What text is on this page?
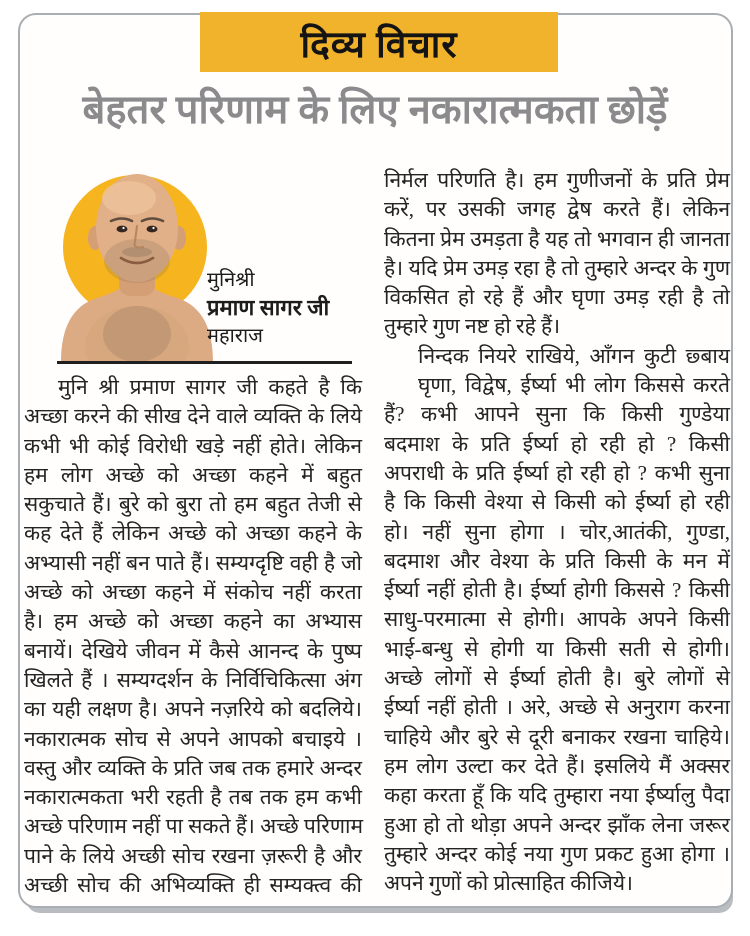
दिव्य विचार
बेहतर परिणाम के लिए नकारात्मकता छोड़ें
मुनिश्री
प्रमाण सागर जी
महाराज
मुनि श्री प्रमाण सागर जी कहते है कि
अच्छा करने की सीख देने वाले व्यक्ति के लिये
कभी भी कोई विरोधी खड़े नहीं होते। लेकिन
हम लोग अच्छे को अच्छा कहने में बहुत
सकुचाते हैं। बुरे को बुरा तो हम बहुत तेजी से
कह देते हैं लेकिन अच्छे को अच्छा कहने के
अभ्यासी नहीं बन पाते हैं। सम्यग्दृष्टि वही है जो
अच्छे को अच्छा कहने में संकोच नहीं करता
है। हम अच्छे को अच्छा कहने का अभ्यास
बनायें। देखिये जीवन में कैसे आनन्द के पुष्प
खिलते हैं । सम्यग्दर्शन के निर्विचिकित्सा अंग
का यही लक्षण है। अपने नज़रिये को बदलिये।
नकारात्मक सोच से अपने आपको बचाइये ।
वस्तु और व्यक्ति के प्रति जब तक हमारे अन्दर
नकारात्मकता भरी रहती है तब तक हम कभी
अच्छे परिणाम नहीं पा सकते हैं। अच्छे परिणाम
पाने के लिये अच्छी सोच रखना ज़रूरी है और
अच्छी सोच की अभिव्यक्ति ही सम्यक्त्व की
निर्मल परिणति है। हम गुणीजनों के प्रति प्रेम
करें, पर उसकी जगह द्वेष करते हैं। लेकिन
कितना प्रेम उमड़ता है यह तो भगवान ही जानता
है। यदि प्रेम उमड़ रहा है तो तुम्हारे अन्दर के गुण
विकसित हो रहे हैं और घृणा उमड़ रही है तो
तुम्हारे गुण नष्ट हो रहे हैं।
निन्दक नियरे राखिये, आँगन कुटी छ्बाय
घृणा, विद्वेष, ईर्ष्या भी लोग किससे करते
हैं? कभी आपने सुना कि किसी गुण्डेया
बदमाश के प्रति ईर्ष्या हो रही हो ? किसी
अपराधी के प्रति ईर्ष्या हो रही हो ? कभी सुना
है कि किसी वेश्या से किसी को ईर्ष्या हो रही
हो। नहीं सुना होगा । चोर,आतंकी, गुण्डा,
बदमाश और वेश्या के प्रति किसी के मन में
ईर्ष्या नहीं होती है। ईर्ष्या होगी किससे ? किसी
साधु-परमात्मा से होगी। आपके अपने किसी
भाई-बन्धु से होगी या किसी सती से होगी।
अच्छे लोगों से ईर्ष्या होती है। बुरे लोगों से
ईर्ष्या नहीं होती । अरे, अच्छे से अनुराग करना
चाहिये और बुरे से दूरी बनाकर रखना चाहिये।
हम लोग उल्टा कर देते हैं। इसलिये मैं अक्सर
कहा करता हूँ कि यदि तुम्हारा नया ईर्ष्यालु पैदा
हुआ हो तो थोड़ा अपने अन्दर झाँक लेना जरूर
तुम्हारे अन्दर कोई नया गुण प्रकट हुआ होगा ।
अपने गुणों को प्रोत्साहित कीजिये।
